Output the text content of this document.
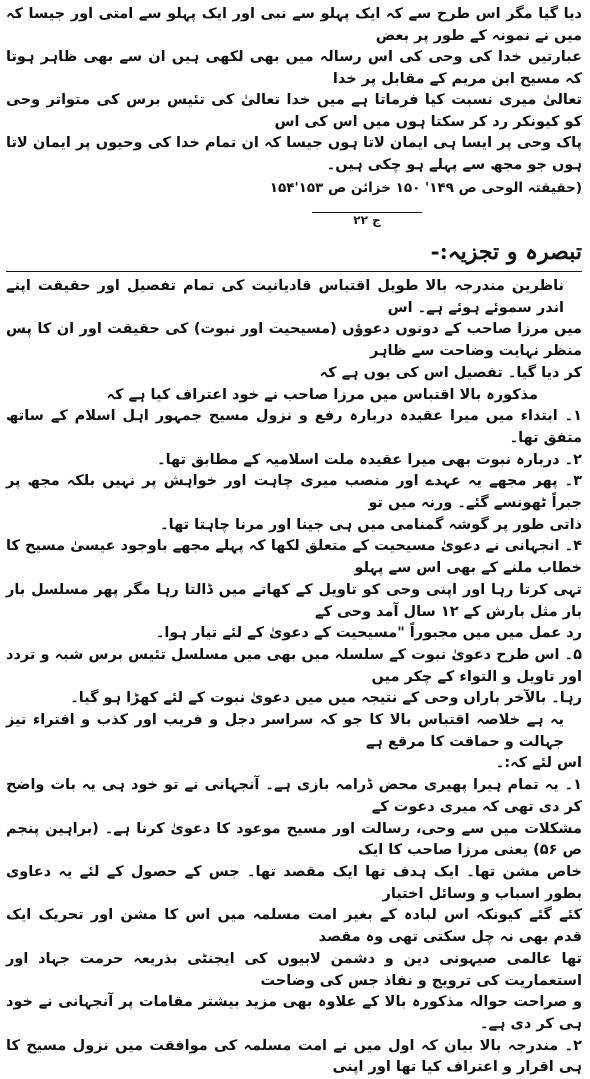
دیا گیا مگر اس طرح سے کہ ایک پہلو سے نبی اور ایک پہلو سے امتی اور جیسا کہ میں نے نمونہ کے طور پر بعض

عبارتیں خدا کی وحی کی اس رسالہ میں بھی لکھی ہیں ان سے بھی ظاہر ہوتا کہ مسیح ابن مریم کے مقابل پر خدا

تعالیٰ میری نسبت کیا فرماتا ہے میں خدا تعالیٰ کی تئیس برس کی متواتر وحی کو کیونکر رد کر سکتا ہوں میں اس کی اس

پاک وحی پر ایسا ہی ایمان لاتا ہوں جیسا کہ ان تمام خدا کی وحیوں پر ایمان لاتا ہوں جو مجھ سے پہلے ہو چکی ہیں۔

(حقیقتہ الوحی ص ۱۴۹' ۱۵۰ خزائن ص ۱۵۳'۱۵۴

ج ۲۲
تبصرہ و تجزیہ:-

ناظرین مندرجہ بالا طویل اقتباس قادیانیت کی تمام تفصیل اور حقیقت اپنے اندر سموئے ہوئے ہے۔ اس

میں مرزا صاحب کے دونوں دعوؤں (مسیحیت اور نبوت) کی حقیقت اور ان کا پس منظر نہایت وضاحت سے ظاہر

کر دیا گیا۔ تفصیل اس کی یوں ہے کہ

مذکورہ بالا اقتباس میں مرزا صاحب نے خود اعتراف کیا ہے کہ

۱۔ ابتداء میں میرا عقیدہ دربارہ رفع و نزول مسیح جمہور اہل اسلام کے ساتھ متفق تھا۔

۲۔ دربارہ نبوت بھی میرا عقیدہ ملت اسلامیہ کے مطابق تھا۔

۳۔ پھر مجھے یہ عہدے اور منصب میری چاہت اور خواہش پر نہیں بلکہ مجھ پر جبراً ٹھونسے گئے۔ ورنہ میں تو

ذاتی طور پر گوشہ گمنامی میں ہی جینا اور مرنا چاہتا تھا۔

۴۔ انجہانی نے دعویٰ مسیحیت کے متعلق لکھا کہ پہلے مجھے باوجود عیسیٰ مسیح کا خطاب ملنے کے بھی اس سے پہلو

تہی کرتا رہا اور اپنی وحی کو تاویل کے کھاتے میں ڈالتا رہا مگر پھر مسلسل بار بار مثل بارش کے ۱۲ سال آمد وحی کے

رد عمل میں میں مجبوراً "مسیحیت کے دعویٰ کے لئے تیار ہوا۔

۵۔ اس طرح دعویٰ نبوت کے سلسلہ میں بھی میں مسلسل تئیس برس شبہ و تردد اور تاویل و التواء کے چکر میں

رہا۔ بالآخر باراں وحی کے نتیجہ میں میں دعویٰ نبوت کے لئے کھڑا ہو گیا۔

یہ ہے خلاصہ اقتباس بالا کا جو کہ سراسر دجل و فریب اور کذب و افتراء نیز جہالت و حماقت کا مرقع ہے

اس لئے کہ:۔

۱۔ یہ تمام ہیرا پھیری محض ڈرامہ بازی ہے۔ آنجہانی نے تو خود ہی یہ بات واضح کر دی تھی کہ میری دعوت کے

مشکلات میں سے وحی، رسالت اور مسیح موعود کا دعویٰ کرنا ہے۔ (براہین پنجم ص ۵۶) یعنی مرزا صاحب کا ایک

خاص مشن تھا۔ ایک ہدف تھا ایک مقصد تھا۔ جس کے حصول کے لئے یہ دعاوی بطور اسباب و وسائل اختیار

کئے گئے کیونکہ اس لبادہ کے بغیر امت مسلمہ میں اس کا مشن اور تحریک ایک قدم بھی نہ چل سکتی تھی وہ مقصد

تھا عالمی صیہونی دین و دشمن لابیوں کی ایجنٹی بذریعہ حرمت جہاد اور استعماریت کی ترویج و نفاذ جس کی وضاحت

و صراحت حوالہ مذکورہ بالا کے علاوہ بھی مزید بیشتر مقامات پر آنجہانی نے خود ہی کر دی ہے۔

۲۔ مندرجہ بالا بیان کہ اول میں نے امت مسلمہ کی موافقت میں نزول مسیح کا ہی اقرار و اعتراف کیا تھا اور اپنی
